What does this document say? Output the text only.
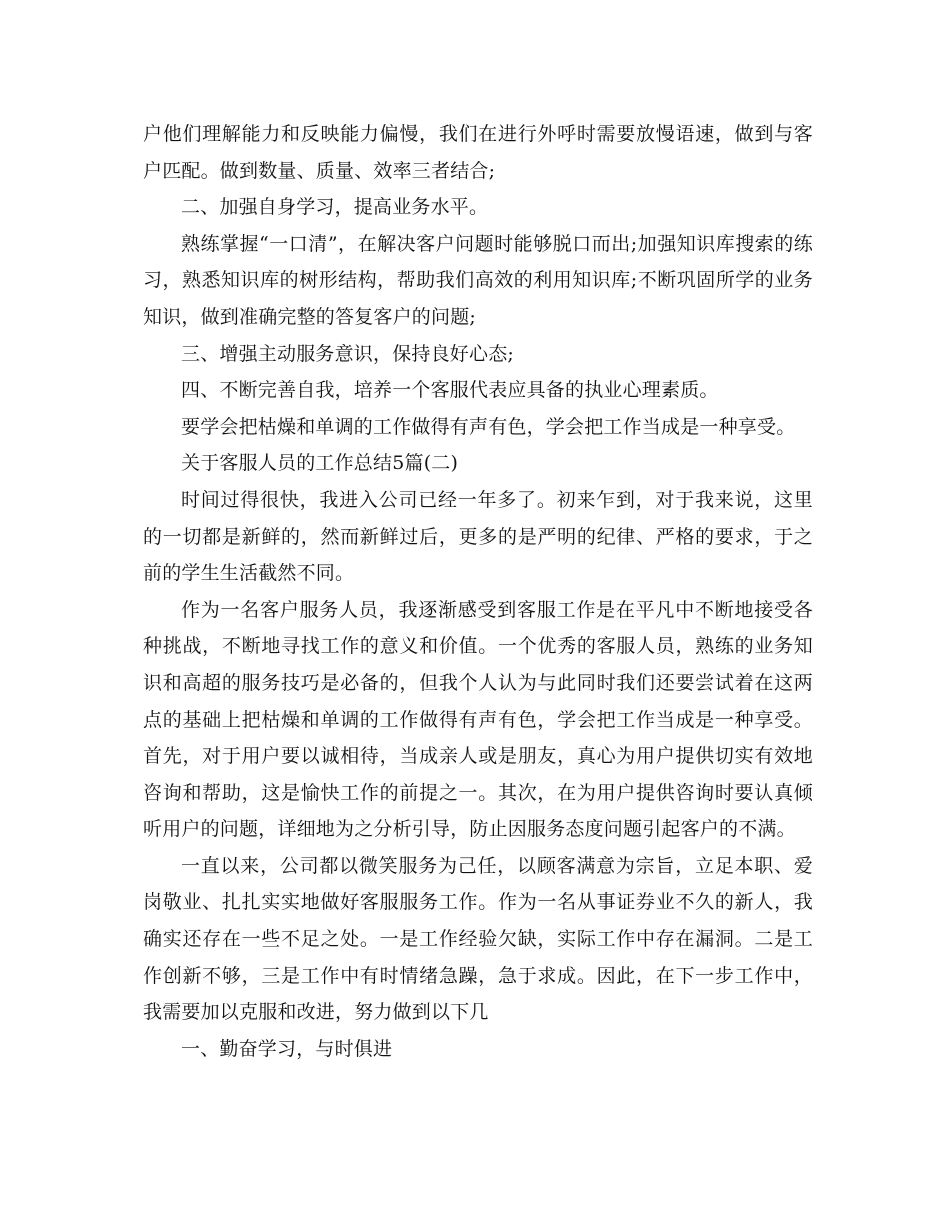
户他们理解能力和反映能力偏慢，我们在进行外呼时需要放慢语速，做到与客户匹配。做到数量、质量、效率三者结合;

二、加强自身学习，提高业务水平。

熟练掌握“一口清”，在解决客户问题时能够脱口而出;加强知识库搜索的练习，熟悉知识库的树形结构，帮助我们高效的利用知识库;不断巩固所学的业务知识，做到准确完整的答复客户的问题;

三、增强主动服务意识，保持良好心态;

四、不断完善自我，培养一个客服代表应具备的执业心理素质。

要学会把枯燥和单调的工作做得有声有色，学会把工作当成是一种享受。

关于客服人员的工作总结5篇(二)

时间过得很快，我进入公司已经一年多了。初来乍到，对于我来说，这里的一切都是新鲜的，然而新鲜过后，更多的是严明的纪律、严格的要求，于之前的学生生活截然不同。

作为一名客户服务人员，我逐渐感受到客服工作是在平凡中不断地接受各种挑战，不断地寻找工作的意义和价值。一个优秀的客服人员，熟练的业务知识和高超的服务技巧是必备的，但我个人认为与此同时我们还要尝试着在这两点的基础上把枯燥和单调的工作做得有声有色，学会把工作当成是一种享受。首先，对于用户要以诚相待，当成亲人或是朋友，真心为用户提供切实有效地咨询和帮助，这是愉快工作的前提之一。其次，在为用户提供咨询时要认真倾听用户的问题，详细地为之分析引导，防止因服务态度问题引起客户的不满。

一直以来，公司都以微笑服务为己任，以顾客满意为宗旨，立足本职、爱岗敬业、扎扎实实地做好客服服务工作。作为一名从事证券业不久的新人，我确实还存在一些不足之处。一是工作经验欠缺，实际工作中存在漏洞。二是工作创新不够，三是工作中有时情绪急躁，急于求成。因此，在下一步工作中，我需要加以克服和改进，努力做到以下几

一、勤奋学习，与时俱进
